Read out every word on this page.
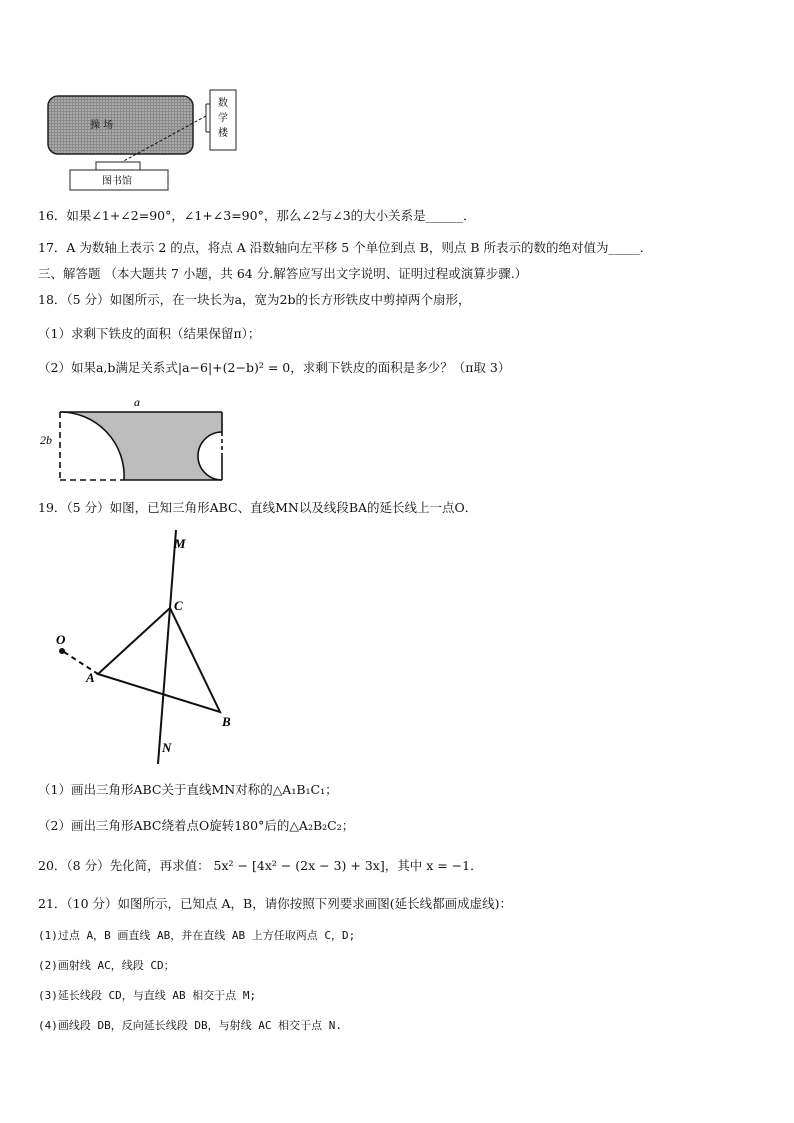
操 场
数
学
楼
图书馆
16．如果∠1+∠2=90°，∠1+∠3=90°，那么∠2与∠3的大小关系是______．
17．A 为数轴上表示 2 的点，将点 A 沿数轴向左平移 5 个单位到点 B，则点 B 所表示的数的绝对值为_____．
三、解答题 （本大题共 7 小题，共 64 分.解答应写出文字说明、证明过程或演算步骤.）
18．（5 分）如图所示，在一块长为a，宽为2b的长方形铁皮中剪掉两个扇形，
（1）求剩下铁皮的面积（结果保留π）；
（2）如果a,b满足关系式|a−6|+(2−b)² = 0，求剩下铁皮的面积是多少？（π取 3）
a
2b
19．（5 分）如图，已知三角形ABC、直线MN以及线段BA的延长线上一点O．
M
C
O
A
B
N
（1）画出三角形ABC关于直线MN对称的△A₁B₁C₁；
（2）画出三角形ABC绕着点O旋转180°后的△A₂B₂C₂；
20．（8 分）先化简，再求值： 5x² − [4x² − (2x − 3) + 3x]，其中 x = −1．
21．（10 分）如图所示，已知点 A，B，请你按照下列要求画图(延长线都画成虚线)：
(1)过点 A，B 画直线 AB，并在直线 AB 上方任取两点 C，D;
(2)画射线 AC，线段 CD；
(3)延长线段 CD，与直线 AB 相交于点 M;
(4)画线段 DB，反向延长线段 DB，与射线 AC 相交于点 N.
